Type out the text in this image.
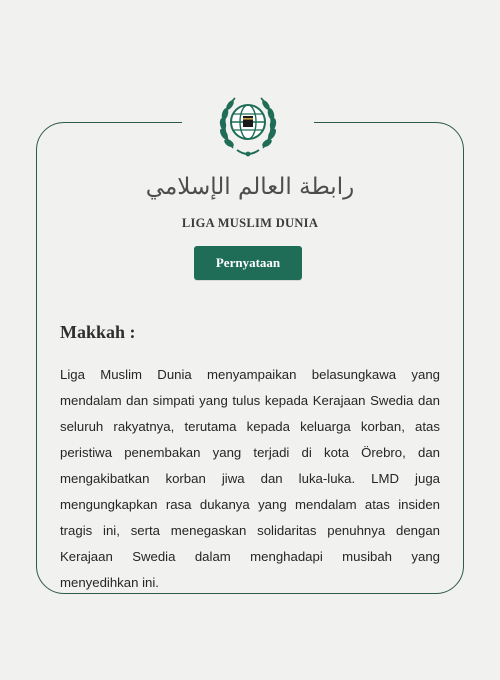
رابطة العالم الإسلامي
LIGA MUSLIM DUNIA
Pernyataan
Makkah :
Liga Muslim Dunia menyampaikan belasungkawa yang mendalam dan simpati yang tulus kepada Kerajaan Swedia dan seluruh rakyatnya, terutama kepada keluarga korban, atas peristiwa penembakan yang terjadi di kota Örebro, dan mengakibatkan korban jiwa dan luka-luka. LMD juga mengungkapkan rasa dukanya yang mendalam atas insiden tragis ini, serta menegaskan solidaritas penuhnya dengan Kerajaan Swedia dalam menghadapi musibah yang menyedihkan ini.
